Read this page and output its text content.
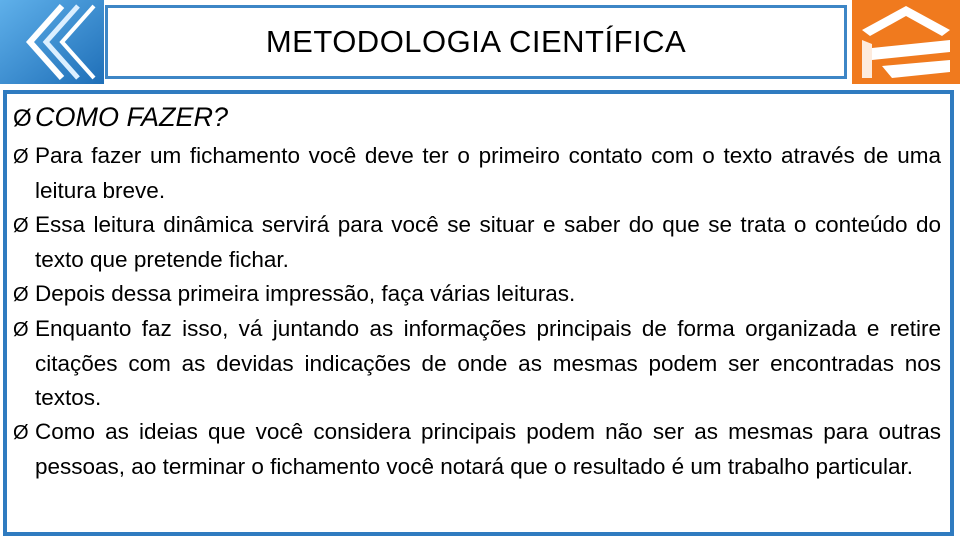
METODOLOGIA CIENTÍFICA
Ø COMO FAZER?
Ø Para fazer um fichamento você deve ter o primeiro contato com o texto através de uma leitura breve.
Ø Essa leitura dinâmica servirá para você se situar e saber do que se trata o conteúdo do texto que pretende fichar.
Ø Depois dessa primeira impressão, faça várias leituras.
Ø Enquanto faz isso, vá juntando as informações principais de forma organizada e retire citações com as devidas indicações de onde as mesmas podem ser encontradas nos textos.
Ø Como as ideias que você considera principais podem não ser as mesmas para outras pessoas, ao terminar o fichamento você notará que o resultado é um trabalho particular.
